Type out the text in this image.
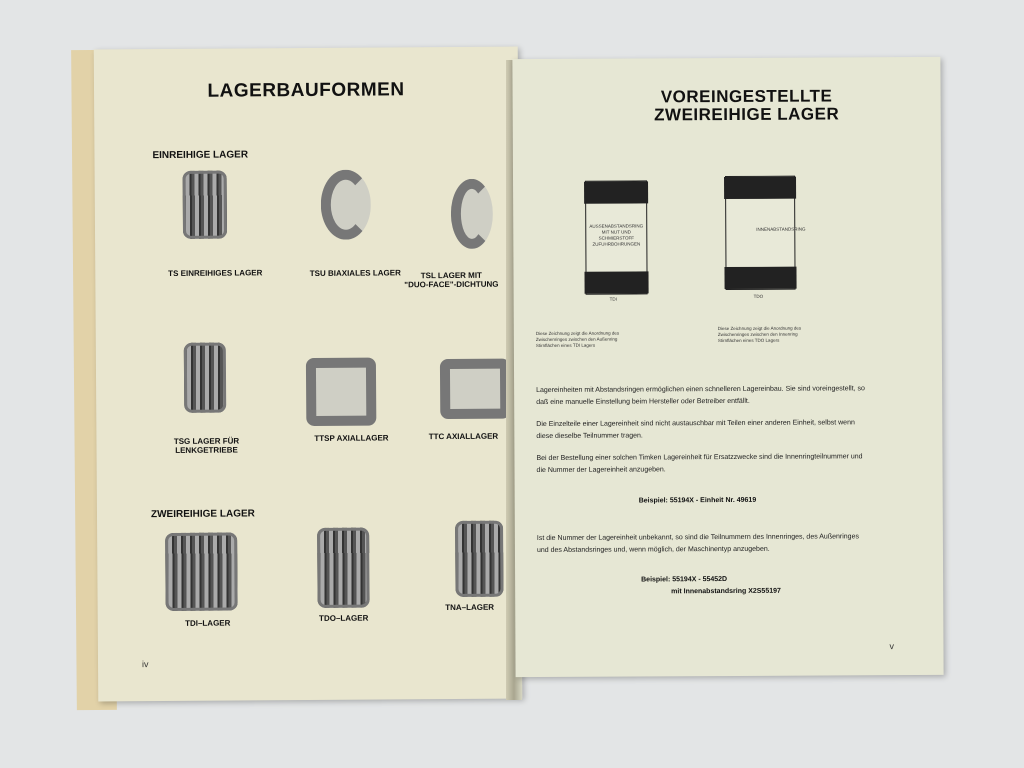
LAGERBAUFORMEN
EINREIHIGE LAGER
TS EINREIHIGES LAGER	TSU BIAXIALES LAGER	TSL LAGER MIT
"DUO-FACE"-DICHTUNG
TSG LAGER FÜR
LENKGETRIEBE
TTSP AXIALLAGER	TTC AXIALLAGER
ZWEIREIHIGE LAGER
TDI–LAGER
TDO–LAGER
TNA–LAGER
iv
VOREINGESTELLTE
ZWEIREIHIGE LAGER
AUSSENABSTANDSRING MIT NUT UND SCHMIERSTOFF ZUFUHRBOHRUNGEN
TDI
INNENABSTANDSRING
TDO
Diese Zeichnung zeigt die Anordnung des Zwischenringes zwischen den Außenring Stirnflächen eines TDI Lagers
Diese Zeichnung zeigt die Anordnung des Zwischenringes zwischen den Innenring Stirnflächen eines TDO Lagers
Lagereinheiten mit Abstandsringen ermöglichen einen schnelleren Lagereinbau. Sie sind voreingestellt, so daß eine manuelle Einstellung beim Hersteller oder Betreiber entfällt.
Die Einzelteile einer Lagereinheit sind nicht austauschbar mit Teilen einer anderen Einheit, selbst wenn diese dieselbe Teilnummer tragen.
Bei der Bestellung einer solchen Timken Lagereinheit für Ersatzzwecke sind die Innenringteilnummer und die Nummer der Lagereinheit anzugeben.
Beispiel: 55194X - Einheit Nr. 49619
Ist die Nummer der Lagereinheit unbekannt, so sind die Teilnummern des Innenringes, des Außenringes und des Abstandsringes und, wenn möglich, der Maschinentyp anzugeben.
Beispiel: 55194X - 55452D
mit Innenabstandsring X2S55197
v
